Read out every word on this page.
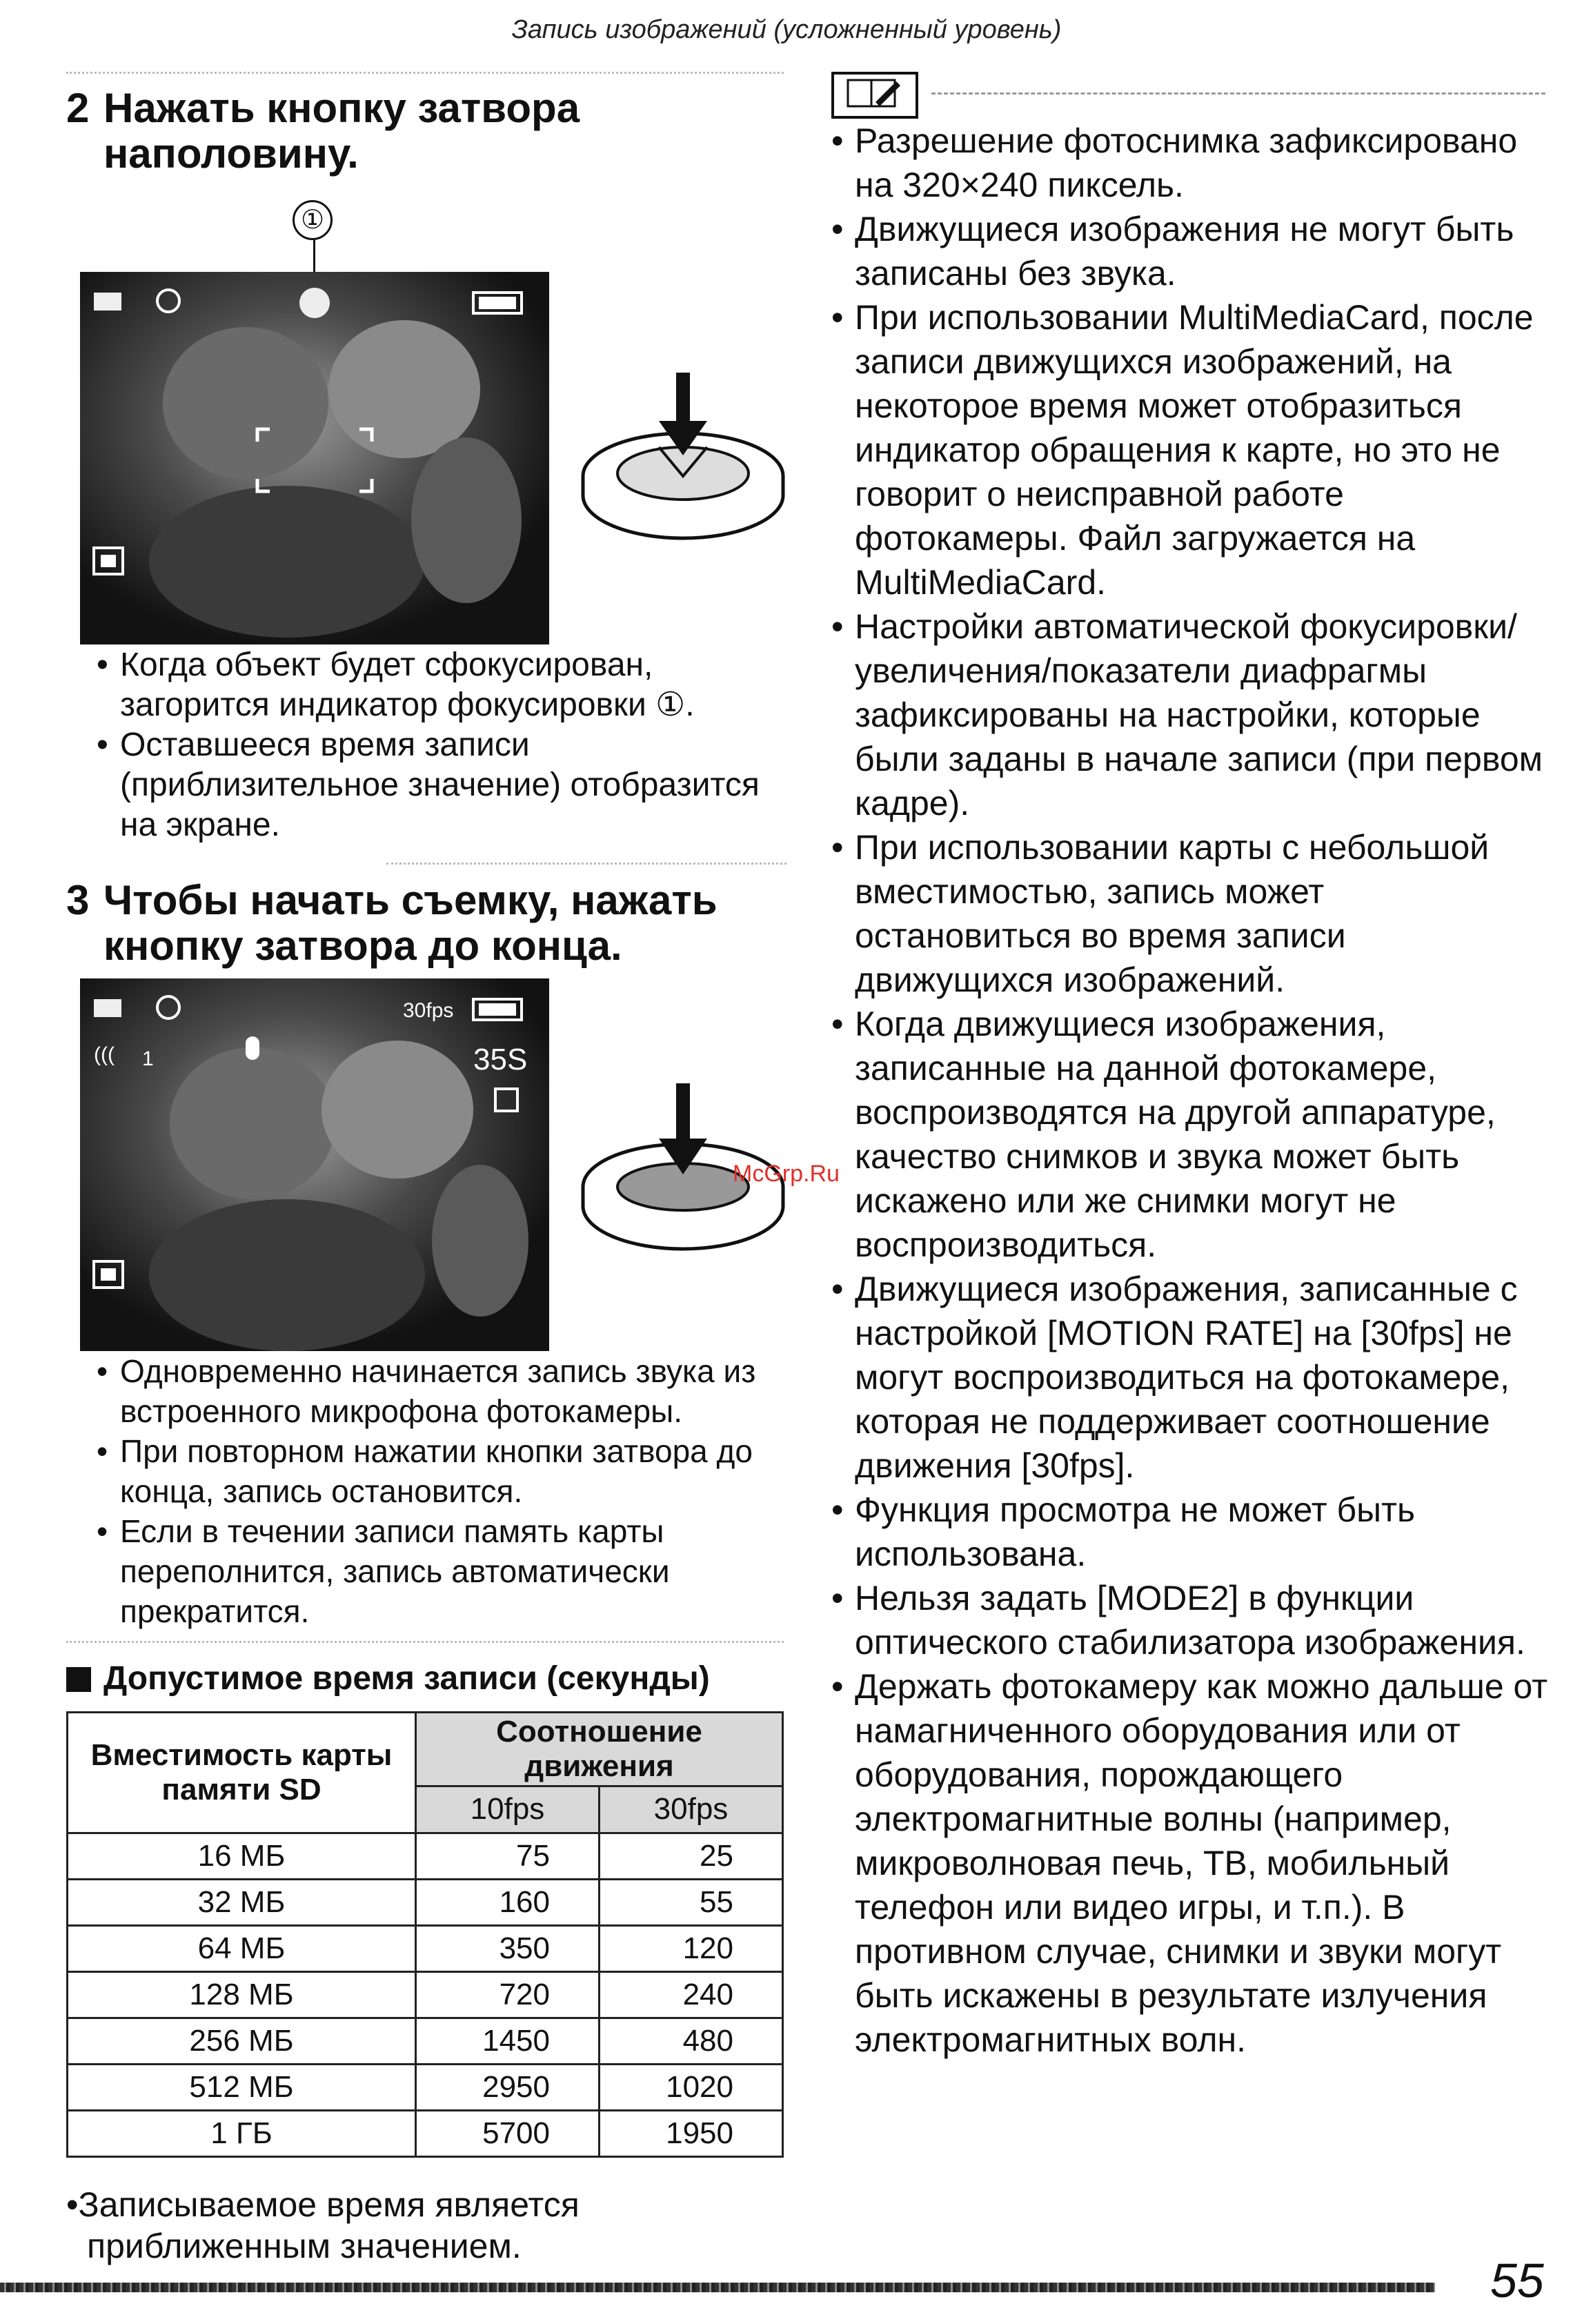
Запись изображений (усложненный уровень)
2 Нажать кнопку затвора наполовину.
①
• Когда объект будет сфокусирован, загорится индикатор фокусировки ①.
• Оставшееся время записи (приблизительное значение) отобразится на экране.
3 Чтобы начать съемку, нажать кнопку затвора до конца.
30fps
((( 1	35S
• Одновременно начинается запись звука из встроенного микрофона фотокамеры.
• При повторном нажатии кнопки затвора до конца, запись остановится.
• Если в течении записи память карты переполнится, запись автоматически прекратится.
Допустимое время записи (секунды)
Вместимость карты памяти SD	Соотношение движения	
	10fps	30fps
16 МБ	75	25
32 МБ	160	55
64 МБ	350	120
128 МБ	720	240
256 МБ	1450	480
512 МБ	2950	1020
1 ГБ	5700	1950
•Записываемое время является приближенным значением.
• Разрешение фотоснимка зафиксировано на 320×240 пиксель.
• Движущиеся изображения не могут быть записаны без звука.
• При использовании MultiMediaCard, после записи движущихся изображений, на некоторое время может отобразиться индикатор обращения к карте, но это не говорит о неисправной работе фотокамеры. Файл загружается на MultiMediaCard.
• Настройки автоматической фокусировки/увеличения/показатели диафрагмы зафиксированы на настройки, которые были заданы в начале записи (при первом кадре).
• При использовании карты с небольшой вместимостью, запись может остановиться во время записи движущихся изображений.
• Когда движущиеся изображения, записанные на данной фотокамере, воспроизводятся на другой аппаратуре, качество снимков и звука может быть искажено или же снимки могут не воспроизводиться.
• Движущиеся изображения, записанные с настройкой [MOTION RATE] на [30fps] не могут воспроизводиться на фотокамере, которая не поддерживает соотношение движения [30fps].
• Функция просмотра не может быть использована.
• Нельзя задать [MODE2] в функции оптического стабилизатора изображения.
• Держать фотокамеру как можно дальше от намагниченного оборудования или от оборудования, порождающего электромагнитные волны (например, микроволновая печь, ТВ, мобильный телефон или видео игры, и т.п.). В противном случае, снимки и звуки могут быть искажены в результате излучения электромагнитных волн.
McGrp.Ru
55
